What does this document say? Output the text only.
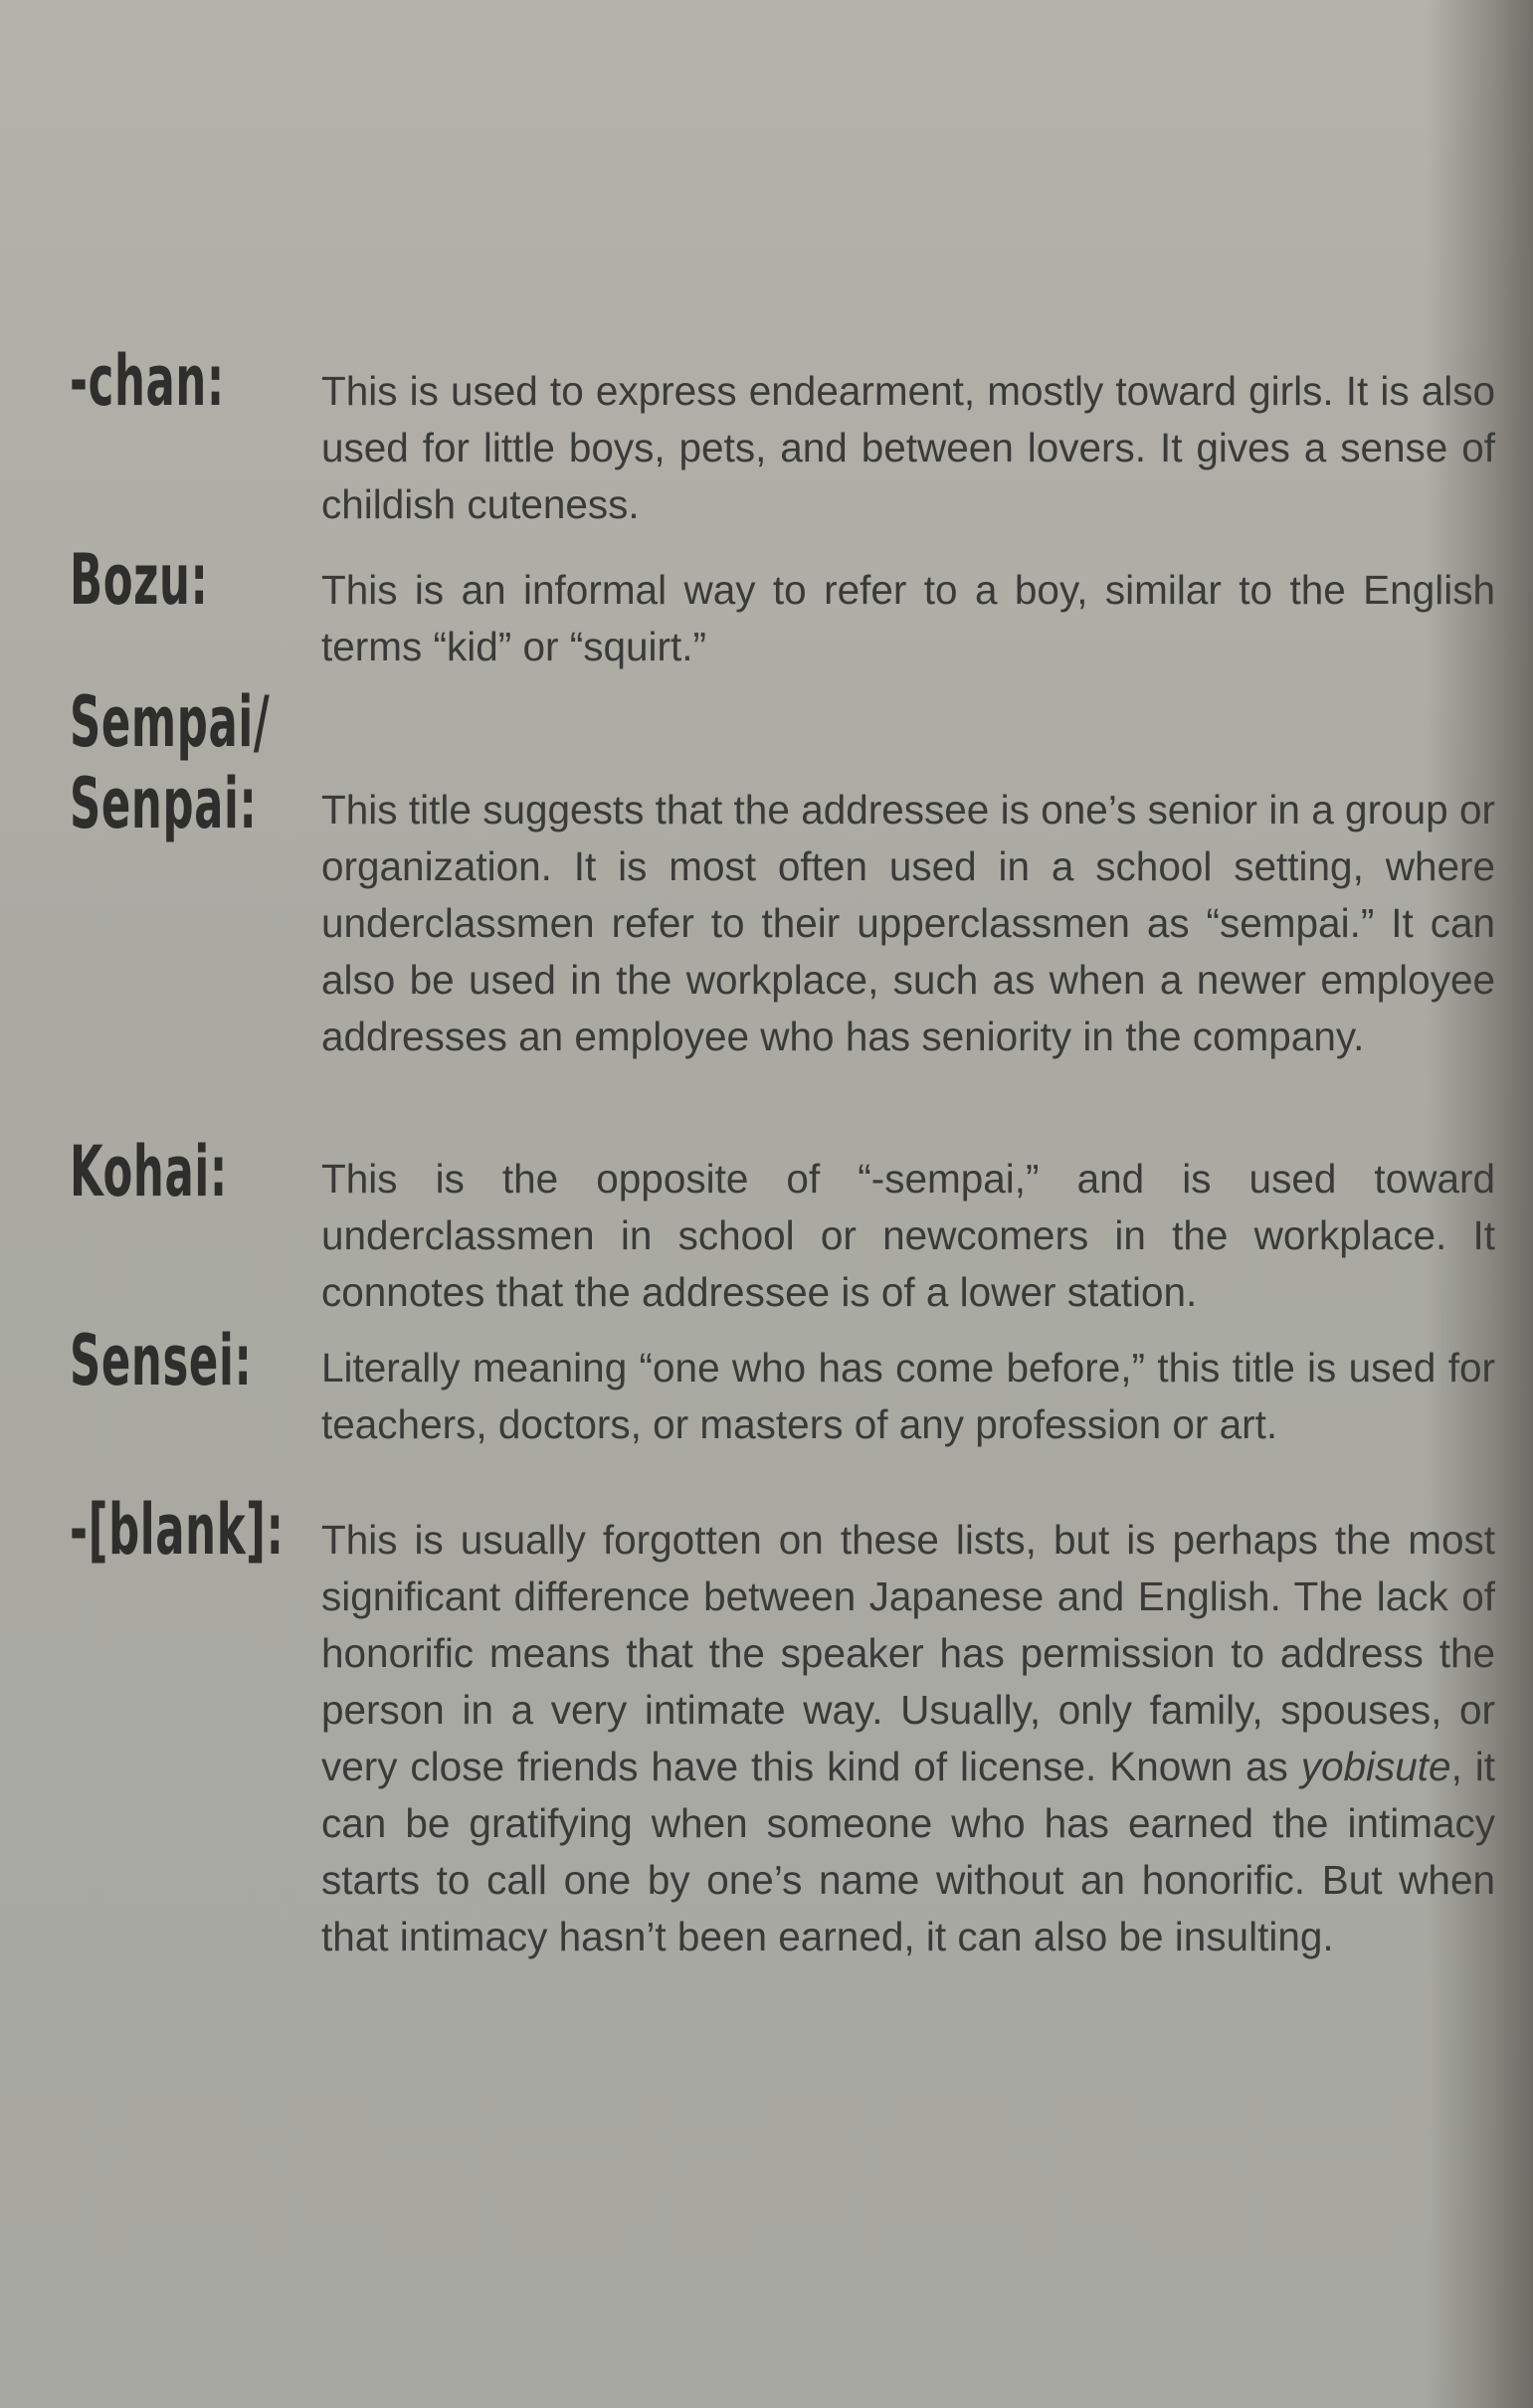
-chan: This is used to express endearment, mostly toward girls. It is also used for little boys, pets, and between lovers. It gives a sense of childish cuteness.

Bozu:	This is an informal way to refer to a boy, similar to the English terms “kid” or “squirt.”

Sempai/
Senpai:	This title suggests that the addressee is one’s senior in a group or organization. It is most often used in a school setting, where underclassmen refer to their upperclassmen as “sempai.” It can also be used in the workplace, such as when a newer employee addresses an employee who has seniority in the company.

Kohai: This is the opposite of “-sempai,” and is used toward underclassmen in school or newcomers in the workplace. It connotes that the addressee is of a lower station.

Sensei: Literally meaning “one who has come before,” this title is used for teachers, doctors, or masters of any profession or art.

-[blank]: This is usually forgotten on these lists, but is perhaps the most significant difference between Japanese and English. The lack of honorific means that the speaker has permission to address the person in a very intimate way. Usually, only family, spouses, or very close friends have this kind of license. Known as yobisute, it can be gratifying when someone who has earned the intimacy starts to call one by one’s name without an honorific. But when that intimacy hasn’t been earned, it can also be insulting.
